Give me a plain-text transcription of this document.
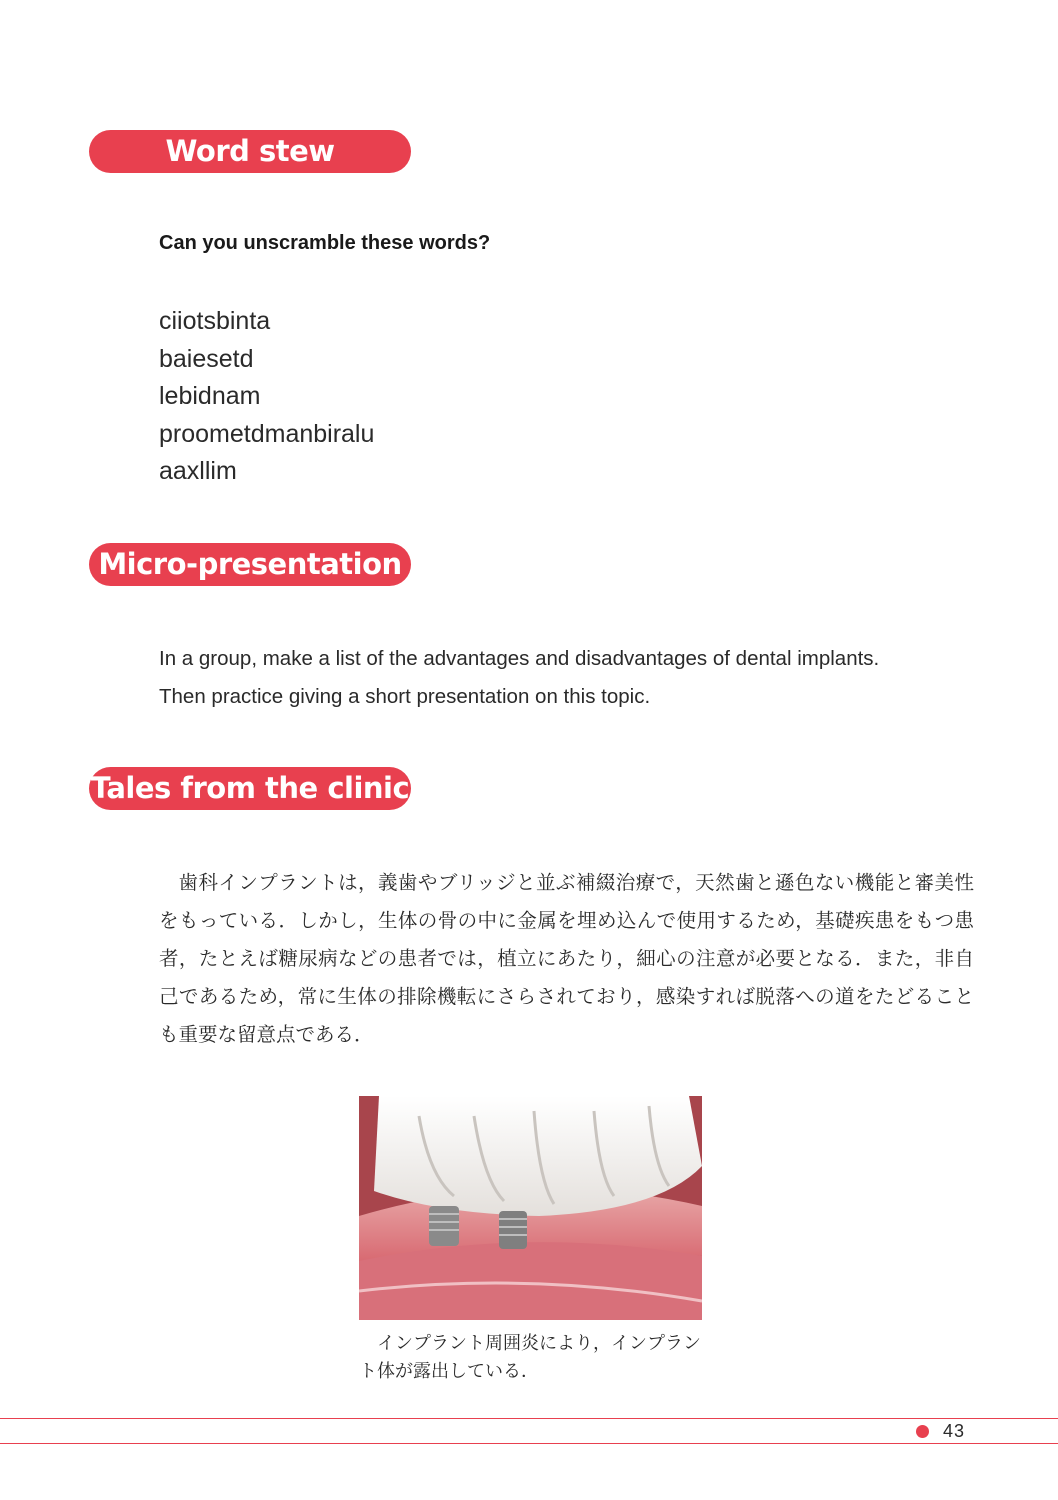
Word stew
Can you unscramble these words?
ciiotsbinta
baiesetd
lebidnam
proometdmanbiralu
aaxllim
Micro-presentation
In a group, make a list of the advantages and disadvantages of dental implants.
Then practice giving a short presentation on this topic.
Tales from the clinic

歯科インプラントは，義歯やブリッジと並ぶ補綴治療で，天然歯と遜色ない機能と審美性をもっている．しかし，生体の骨の中に金属を埋め込んで使用するため，基礎疾患をもつ患者，たとえば糖尿病などの患者では，植立にあたり，細心の注意が必要となる．また，非自己であるため，常に生体の排除機転にさらされており，感染すれば脱落への道をたどることも重要な留意点である．

インプラント周囲炎により，インプラント体が露出している．

43
